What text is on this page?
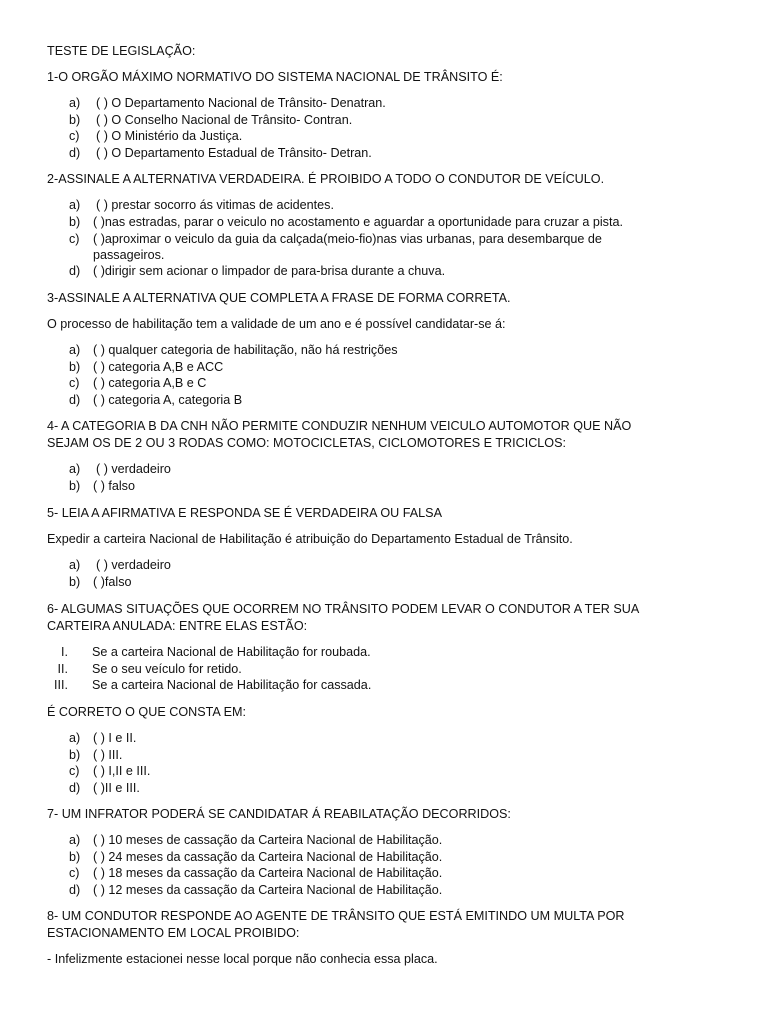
TESTE DE LEGISLAÇÃO:
1-O ORGÃO MÁXIMO NORMATIVO DO SISTEMA NACIONAL DE TRÂNSITO É:
a) ( ) O Departamento Nacional de Trânsito- Denatran.
b) ( ) O Conselho Nacional de Trânsito- Contran.
c) ( ) O Ministério da Justiça.
d) ( ) O Departamento Estadual de Trânsito- Detran.
2-ASSINALE A ALTERNATIVA VERDADEIRA. É PROIBIDO A TODO O CONDUTOR DE VEÍCULO.
a) ( ) prestar socorro ás vitimas de acidentes.
b) ( )nas estradas, parar o veiculo no acostamento e aguardar a oportunidade para cruzar a pista.
c) ( )aproximar o veiculo da guia da calçada(meio-fio)nas vias urbanas, para desembarque de
passageiros.
d) ( )dirigir sem acionar o limpador de para-brisa durante a chuva.
3-ASSINALE A ALTERNATIVA QUE COMPLETA A FRASE DE FORMA CORRETA.
O processo de habilitação tem a validade de um ano e é possível candidatar-se á:
a) ( ) qualquer categoria de habilitação, não há restrições
b) ( ) categoria A,B e ACC
c) ( ) categoria A,B e C
d) ( ) categoria A, categoria B
4- A CATEGORIA B DA CNH NÃO PERMITE CONDUZIR NENHUM VEICULO AUTOMOTOR QUE NÃO
SEJAM OS DE 2 OU 3 RODAS COMO: MOTOCICLETAS, CICLOMOTORES E TRICICLOS:
a) ( ) verdadeiro
b) ( ) falso
5- LEIA A AFIRMATIVA E RESPONDA SE É VERDADEIRA OU FALSA
Expedir a carteira Nacional de Habilitação é atribuição do Departamento Estadual de Trânsito.
a) ( ) verdadeiro
b) ( )falso
6- ALGUMAS SITUAÇÕES QUE OCORREM NO TRÂNSITO PODEM LEVAR O CONDUTOR A TER SUA
CARTEIRA ANULADA: ENTRE ELAS ESTÃO:
I. Se a carteira Nacional de Habilitação for roubada.
II. Se o seu veículo for retido.
III. Se a carteira Nacional de Habilitação for cassada.
É CORRETO O QUE CONSTA EM:
a) ( ) I e II.
b) ( ) III.
c) ( ) I,II e III.
d) ( )II e III.
7- UM INFRATOR PODERÁ SE CANDIDATAR Á REABILATAÇÃO DECORRIDOS:
a) ( ) 10 meses de cassação da Carteira Nacional de Habilitação.
b) ( ) 24 meses da cassação da Carteira Nacional de Habilitação.
c) ( ) 18 meses da cassação da Carteira Nacional de Habilitação.
d) ( ) 12 meses da cassação da Carteira Nacional de Habilitação.
8- UM CONDUTOR RESPONDE AO AGENTE DE TRÂNSITO QUE ESTÁ EMITINDO UM MULTA POR
ESTACIONAMENTO EM LOCAL PROIBIDO:
- Infelizmente estacionei nesse local porque não conhecia essa placa.
